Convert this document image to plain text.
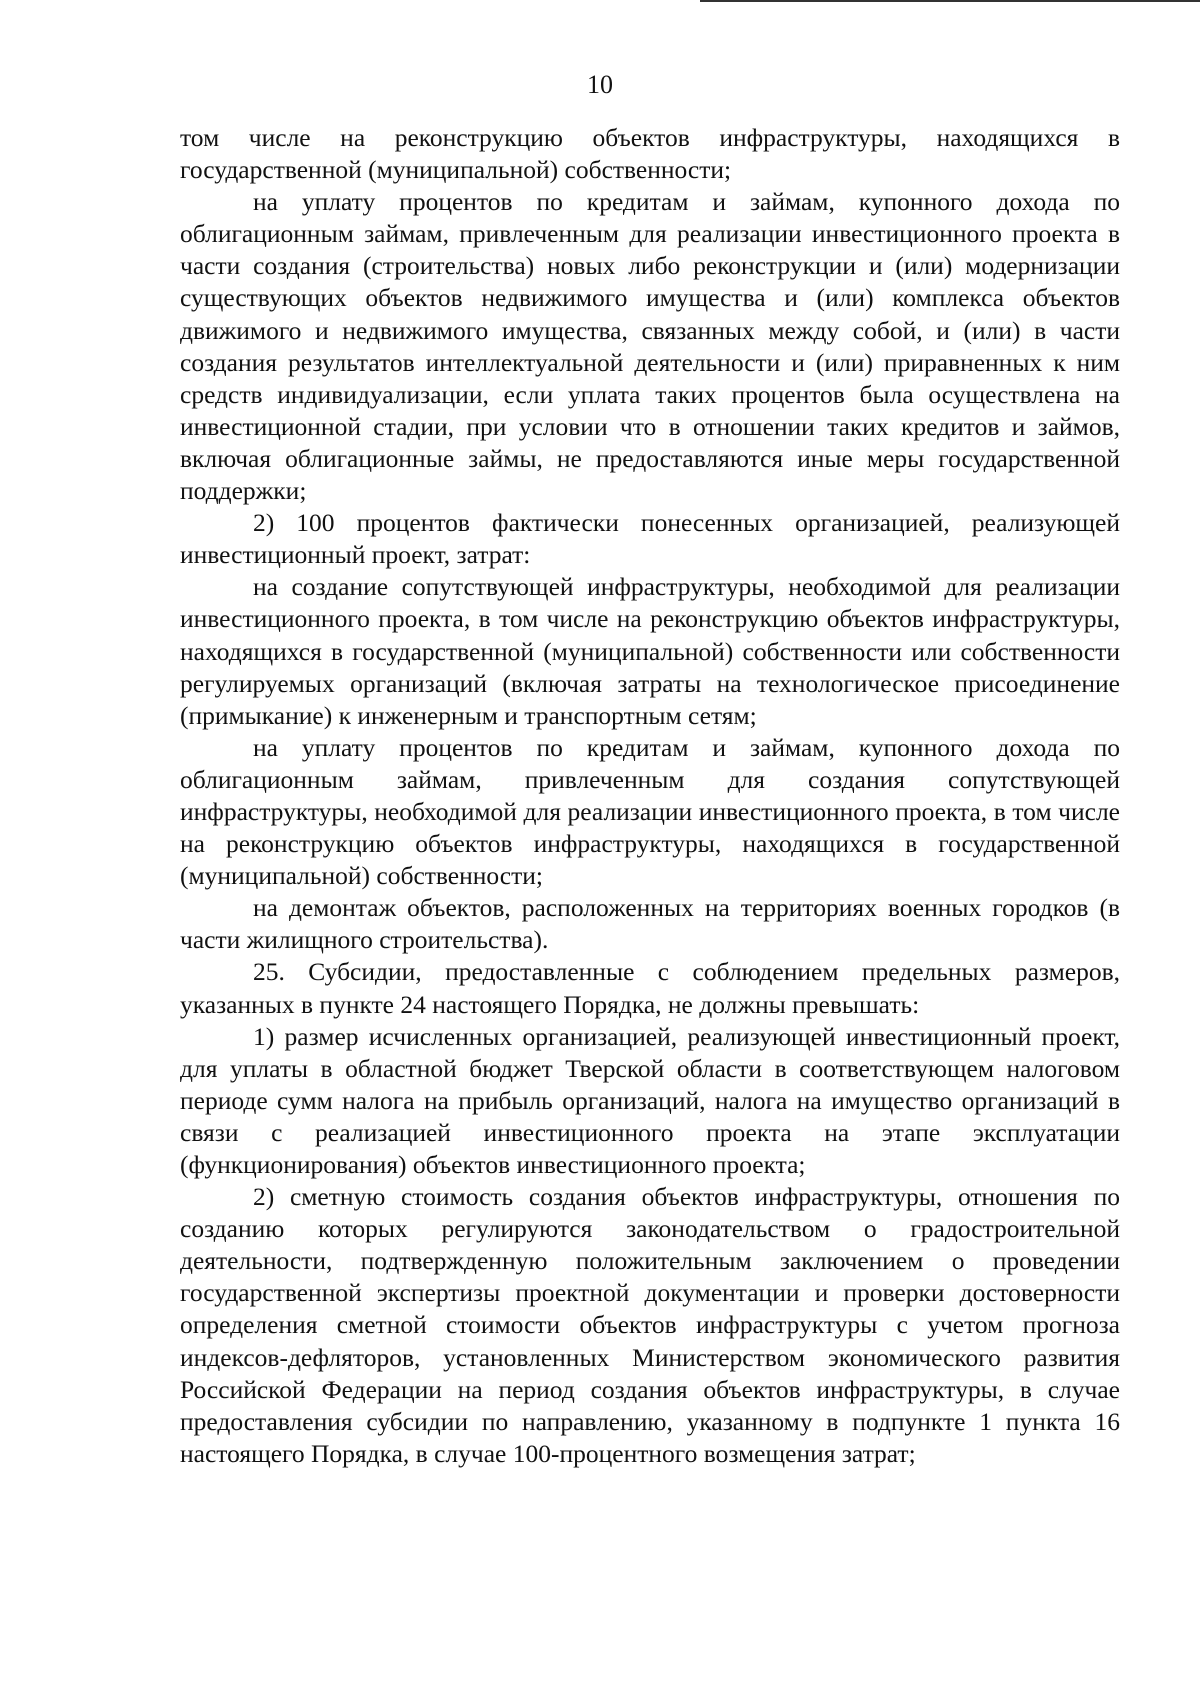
10

том числе на реконструкцию объектов инфраструктуры, находящихся в государственной (муниципальной) собственности;

на уплату процентов по кредитам и займам, купонного дохода по облигационным займам, привлеченным для реализации инвестиционного проекта в части создания (строительства) новых либо реконструкции и (или) модернизации существующих объектов недвижимого имущества и (или) комплекса объектов движимого и недвижимого имущества, связанных между собой, и (или) в части создания результатов интеллектуальной деятельности и (или) приравненных к ним средств индивидуализации, если уплата таких процентов была осуществлена на инвестиционной стадии, при условии что в отношении таких кредитов и займов, включая облигационные займы, не предоставляются иные меры государственной поддержки;

2) 100 процентов фактически понесенных организацией, реализующей инвестиционный проект, затрат:

на создание сопутствующей инфраструктуры, необходимой для реализации инвестиционного проекта, в том числе на реконструкцию объектов инфраструктуры, находящихся в государственной (муниципальной) собственности или собственности регулируемых организаций (включая затраты на технологическое присоединение (примыкание) к инженерным и транспортным сетям;

на уплату процентов по кредитам и займам, купонного дохода по облигационным займам, привлеченным для создания сопутствующей инфраструктуры, необходимой для реализации инвестиционного проекта, в том числе на реконструкцию объектов инфраструктуры, находящихся в государственной (муниципальной) собственности;

на демонтаж объектов, расположенных на территориях военных городков (в части жилищного строительства).

25. Субсидии, предоставленные с соблюдением предельных размеров, указанных в пункте 24 настоящего Порядка, не должны превышать:

1) размер исчисленных организацией, реализующей инвестиционный проект, для уплаты в областной бюджет Тверской области в соответствующем налоговом периоде сумм налога на прибыль организаций, налога на имущество организаций в связи с реализацией инвестиционного проекта на этапе эксплуатации (функционирования) объектов инвестиционного проекта;

2) сметную стоимость создания объектов инфраструктуры, отношения по созданию которых регулируются законодательством о градостроительной деятельности, подтвержденную положительным заключением о проведении государственной экспертизы проектной документации и проверки достоверности определения сметной стоимости объектов инфраструктуры с учетом прогноза индексов-дефляторов, установленных Министерством экономического развития Российской Федерации на период создания объектов инфраструктуры, в случае предоставления субсидии по направлению, указанному в подпункте 1 пункта 16 настоящего Порядка, в случае 100-процентного возмещения затрат;
